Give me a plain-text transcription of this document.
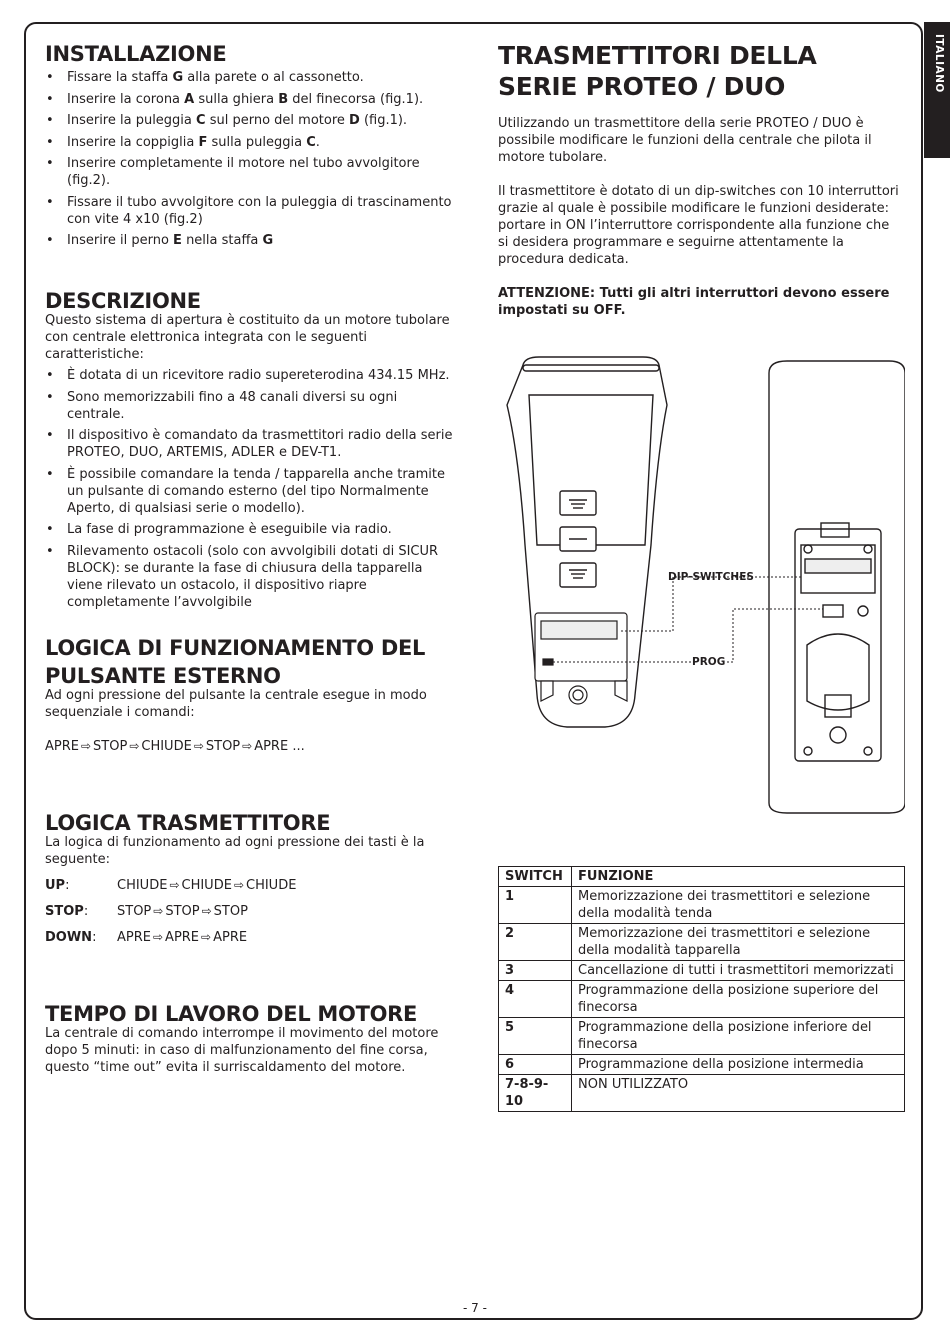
ITALIANO
INSTALLAZIONE
• Fissare la staffa G alla parete o al cassonetto.
• Inserire la corona A sulla ghiera B del finecorsa (fig.1).
• Inserire la puleggia C sul perno del motore D (fig.1).
• Inserire la coppiglia F sulla puleggia C.
• Inserire completamente il motore nel tubo avvolgitore (fig.2).
• Fissare il tubo avvolgitore con la puleggia di trascinamento con vite 4 x10 (fig.2)
• Inserire il perno E nella staffa G
DESCRIZIONE

Questo sistema di apertura è costituito da un motore tubolare con centrale elettronica integrata con le seguenti caratteristiche:

• È dotata di un ricevitore radio supereterodina 434.15 MHz.
• Sono memorizzabili fino a 48 canali diversi su ogni centrale.
• Il dispositivo è comandato da trasmettitori radio della serie PROTEO, DUO, ARTEMIS, ADLER e DEV-T1.
• È possibile comandare la tenda / tapparella anche tramite un pulsante di comando esterno (del tipo Normalmente Aperto, di qualsiasi serie o modello).
• La fase di programmazione è eseguibile via radio.
• Rilevamento ostacoli (solo con avvolgibili dotati di SICUR BLOCK): se durante la fase di chiusura della tapparella viene rilevato un ostacolo, il dispositivo riapre completamente l’avvolgibile
LOGICA DI FUNZIONAMENTO DEL
PULSANTE ESTERNO

Ad ogni pressione del pulsante la centrale esegue in modo sequenziale i comandi:

APRE ⇨ STOP ⇨ CHIUDE ⇨ STOP ⇨ APRE ...
LOGICA TRASMETTITORE

La logica di funzionamento ad ogni pressione dei tasti è la seguente:

UP:	CHIUDE ⇨ CHIUDE ⇨ CHIUDE
STOP:	STOP ⇨ STOP ⇨ STOP
DOWN:	APRE ⇨ APRE ⇨ APRE
TEMPO DI LAVORO DEL MOTORE

La centrale di comando interrompe il movimento del motore dopo 5 minuti: in caso di malfunzionamento del fine corsa, questo “time out” evita il surriscaldamento del motore.

TRASMETTITORI DELLA
SERIE PROTEO / DUO

Utilizzando un trasmettitore della serie PROTEO / DUO è possibile modificare le funzioni della centrale che pilota il motore tubolare.

Il trasmettitore è dotato di un dip-switches con 10 interruttori grazie al quale è possibile modificare le funzioni desiderate: portare in ON l’interruttore corrispondente alla funzione che si desidera programmare e seguirne attentamente la procedura dedicata.

ATTENZIONE: Tutti gli altri interruttori devono essere impostati su OFF.

DIP-SWITCHES
PROG
SWITCH	FUNZIONE
1	Memorizzazione dei trasmettitori e selezione della modalità tenda
2	Memorizzazione dei trasmettitori e selezione della modalità tapparella
3	Cancellazione di tutti i trasmettitori memorizzati
4	Programmazione della posizione superiore del finecorsa
5	Programmazione della posizione inferiore del finecorsa
6	Programmazione della posizione intermedia
7-8-9-10	NON UTILIZZATO
- 7 -
